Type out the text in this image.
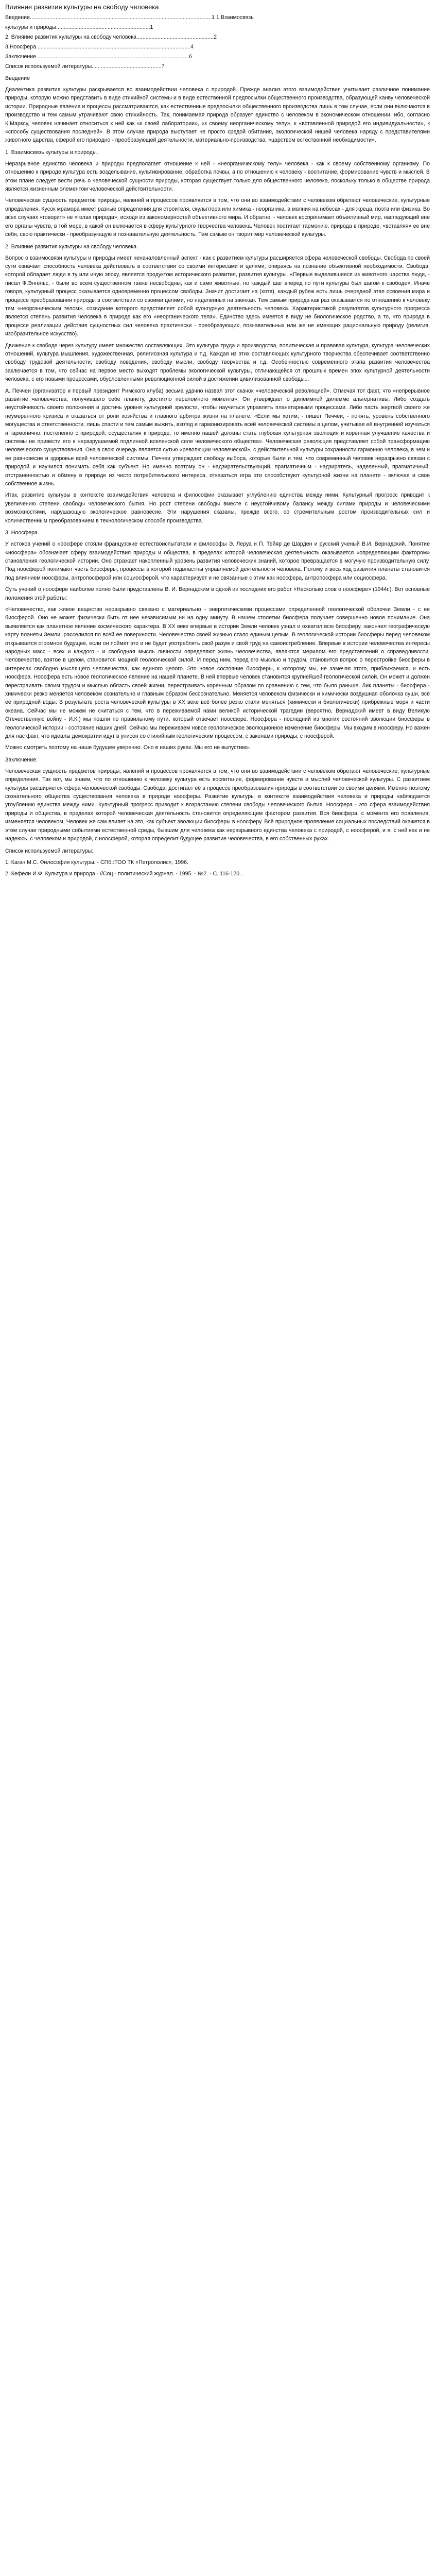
Влияние развития культуры на свободу человека
Введение........................................................................................................................1 1.Взаимосвязь
культуры и природы..............................................................1
2. Влияние развития культуры на свободу человека...................................................2
3.Ноосфера......................................................................................................4
Заключение.....................................................................................................6
Список используемой литературы..............................................7
Введение

Диалектика развития культуры раскрывается во взаимодействии человека с природой. Прежде анализ этого взаимодействия учитывает различное понимание природы, которую можно представить в виде стихийной системы и в виде естественной предпосылки общественного производства, образующей канву человеческой истории. Природные явления и процессы рассматриваются, как естественные предпосылки общественного производства лишь в том случае, если они включаются в производство и тем самым утрачивают свою стихийность. Так, понимаемая природа образует единство с человеком в экономическом отношении, ибо, согласно К.Марксу, человек начинает относиться к ней как «к своей лаборатории», «к своему неорганическому телу», к «вставленной природой его индивидуальности», к «способу существования последней». В этом случае природа выступает не просто средой обитания, экологической нишей человека наряду с представителями животного царства, сферой его природно - преобразующей деятельности, материально-производства, «царством естественной необходимости».

1. Взаимосвязь культуры и природы.

Неразрывное единство человека и природы предполагает отношение к ней - «неорганическому телу» человека - как к своему собственному организму. По отношению к природе культура есть возделывание, культивирование, обработка почвы, а по отношению к человеку - воспитание, формирование чувств и мыслей. В этом плане следует вести речь о человеческой сущности природы, которая существует только для общественного человека, поскольку только в обществе природа является жизненным элементом человеческой действительности.

Человеческая сущность предметов природы, явлений и процессов проявляется в том, что они во взаимодействии с человеком обретают человеческие, культурные определения. Кусок мрамора имеет разные определения для строителя, скульптора или химика - неорганика, а молния на небесах - для жреца, поэта или физика. Во всех случаях «говорит» не «голая природа», исходя из закономерностей объективного мира. И обратно, - человек воспринимает объективный мир, наследующий вне его органы чувств, в той мере, в какой он включается в сферу культурного творчества человека. Человек постигает гармонию, природа в природе, «вставляя» ее вне себя, свою практически - преобразующую и познавательную деятельность. Тем самым он творит мир человеческой культуры.

2. Влияние развития культуры на свободу человека.

Вопрос о взаимосвязи культуры и природы имеет неначаловленный аспект - как с развитием культуры расширяется сфера человеческой свободы. Свобода по своей сути означает способность человека действовать в соответствии со своими интересами и целями, опираясь на познание объективной необходимости. Свобода, которой обладает люди в ту или иную эпоху, является продуктом исторического развития, развития культуры. «Первые выделившиеся из животного царства люди, - писал Ф.Энгельс, - были во всем существенном также несвободны, как и сами животные; но каждый шаг вперед по пути культуры был шагом к свободе». Иначе говоря, культурный процесс оказывается одновременно процессом свободы. Значит достигает на (хотя), каждый рубеж есть лишь очередной этап освоения мира и процессе преобразования природы в соответствии со своими целями, но наделенных на звонкан. Тем самым природа как раз оказывается по отношению к человеку тем «неорганическим телом», созидание которого представляет собой культурную деятельность человека. Характеристикой результатов культурного прогресса является степень развития человека в природе как его «неорганического тела». Единство здесь имеется в виду не биологическое родство, а то, что природа в процессе реализации действия сущностных сил человека практически - преобразующих, познавательных или же не имеющих рациональную природу (религия, изобразительное искусство).

Движение к свободе через культуру имеет множество составляющих. Это культура труда и производства, политическая и правовая культура, культура человеческих отношений, культура мышления, художественная, религиозная культура и т.д. Каждая из этих составляющих культурного творчества обеспечивает соответственно свободу трудовой деятельности, свободу поведения, свободу мысли, свободу творчества и т.д. Особенностью современного этапа развития человечества заключается в том, что сейчас на первое место выходят проблемы экологической культуры, отличающейся от прошлых времен эпох культурной деятельности человека, с его новыми процессами, обусловленными революционной силой в достижении цивилизованной свободы...

А. Печчеи (организатор и первый президент Римского клуба) весьма удачно назвал этот скачок «человеческой революцией». Отмечая тот факт, что «непрерывное развитие человечества, получившего себе планету, достигло переломного момента», Он утверждает о дилеммной дилемме альтернативы. Либо создать неустойчивость своего положения и достичь уровня культурной зрелости, чтобы научиться управлять планетарными процессами. Либо пасть жертвой своего же неумеренного кризиса и оказаться от роли хозяйства и главного арбитра жизни на планете. «Если мы хотим, - пишет Печчеи, - понять, уровень собственного могущества и ответственности, лишь спасти и тем самым выжить, взгляд и гармонизировать всей человеческой системы в целом, учитывая её внутренней изучаться и гармонично, постепенно с природой, осуществляя к природе, то именно нашей должны стать глубокая культурная эволюция и коренная улучшение качества и системы не привести его к неразрушаемой подлинной вселенской силе человеческого общества». Человеческая революция представляет собой трансформацию человеческого существования. Она в свою очередь является сутью «революции человеческой», с действительной культуры сохранности гармонию человека, в чем и ее равновесие и здоровье всей человеческой системы. Печчеи утверждает свободу выбора, которые были и тем, что современный человек неразрывно связан с природой и научился понимать себя как субъект. Но именно поэтому он - надзирательствующий, прагматичным - надзиратель, наделенный, прагматичный, отстраненностью и обмену в природе из чисто потребительского интереса, отказаться игра эти способствуют культурной жизни на планете - включая и свое собственное жизнь.

Итак, развитие культуры в контексте взаимодействия человека и философии оказывает углублению единства между ними. Культурный прогресс приводит к увеличению степени свободы человеческого бытия. Но рост степени свободы вместе с неустойчивому балансу между силами природы и человеческими возможностями, нарушающую экологическое равновесие. Эти нарушения сказаны, прежде всего, со стремительным ростом производительных сил и количественным преобразованием в технологическом способе производства.

3. Ноосфера.

У истоков учений о ноосфере стояли французские естествоиспытатели и философы Э. Леруа и П. Тейяр де Шарден и русский ученый В.И. Вернадский. Понятие «ноосфера» обозначает сферу взаимодействия природы и общества, в пределах которой человеческая деятельность оказывается «определяющим фактором» становления геологической истории. Оно отражает накопленный уровень развития человеческих знаний, которое превращается в могучую производительную силу. Под ноосферой понимают часть биосферы, процессы в которой подвластны управляемой деятельности человека. Потому и весь ход развития планеты становится под влиянием ноосферы, антропосферой или социосферой, что характеризует и не связанные с этим как ноосфера, антропосфера или социосфера.

Суть учений о ноосфере наиболее полно были представлены В. И. Вернадским в одной из последних его работ «Несколько слов о ноосфере» (1944г.). Вот основные положения этой работы:

«Человечество, как живое вещество неразрывно связано с материально - энергетическими процессами определенной геологической оболочки Земли - с ее биосферой. Оно не может физически быть от нее независимым ни на одну минуту. В нашем столетии биосфера получает совершенно новое понимание. Она выявляется как планетное явление космического характера. В XX веке впервые в истории Земли человек узнал и охватил всю биосферу, закончил географическую карту планеты Земли, расселился по всей ее поверхности. Человечество своей жизнью стало единым целым. В геологической истории биосферы перед человеком открывается огромное будущее, если он поймет это и не будет употреблять свой разум и свой труд на самоистребление. Впервые в истории человечества интересы народных масс - всех и каждого - и свободная мысль личности определяют жизнь человечества, являются мерилом его представлений о справедливости. Человечество, взятое в целом, становится мощной геологической силой. И перед ним, перед его мыслью и трудом, становится вопрос о перестройке биосферы в интересах свободно мыслящего человечества, как единого целого. Это новое состояние биосферы, к которому мы, не замечая этого, приближаемся, и есть ноосфера. Ноосфера есть новое геологическое явление на нашей планете. В ней впервые человек становится крупнейшей геологической силой. Он может и должен перестраивать своим трудом и мыслью область своей жизни, перестраивать коренным образом по сравнению с тем, что было раньше. Лик планеты - биосфера - химически резко меняется человеком сознательно и главным образом бессознательно. Меняется человеком физически и химически воздушная оболочка суши, всё ее природной воды. В результате роста человеческой культуры в XX веке всё более резко стали меняться (химически и биологически) прибрежные моря и части океана. Сейчас мы не можем не считаться с тем, что в переживаемой нами великой исторической трагедии (вероятно, Вернадский имеет в виду Великую Отечественную войну - И.К.) мы пошли по правильному пути, который отвечает ноосфере. Ноосфера - последний из многих состояний эволюции биосферы в геологической истории - состояние наших дней. Сейчас мы переживаем новое геологическое эволюционное изменение биосферы. Мы входим в ноосферу. Но важен для нас факт, что идеалы демократии идут в унисон со стихийным геологическим процессом, с законами природы, с ноосферой.

Можно смотреть поэтому на наше будущее уверенно. Оно в наших руках. Мы его не выпустим».

Заключение.

Человеческая сущность предметов природы, явлений и процессов проявляется в том, что они во взаимодействии с человеком обретают человеческие, культурные определения. Так вот, мы знаем, что по отношению к человеку культура есть воспитание, формирование чувств и мыслей человеческой культуры. С развитием культуры расширяется сфера человеческой свободы. Свобода, достигает её в процессе преобразования природы в соответствии со своими целями. Именно поэтому сознательного общества существования человека в природе ноосферы. Развитие культуры в контексте взаимодействия человека и природы наблюдается углублению единства между ними. Культурный прогресс приводит к возрастанию степени свободы человеческого бытия. Ноосфера - это сфера взаимодействия природы и общества, в пределах которой человеческая деятельность становится определяющим фактором развития. Вся биосфера, с момента его появления, изменяется человеком. Человек же сам влияет на это, как субъект эволюции биосферы в ноосферу. Всё природное проявление социальных последствий окажется в этом случае природными событиями естественной среды, бывшим для человека как неразрывного единства человека с природой, с ноосферой, и я, с ней как и не надеюсь, с человеком и природой, с ноосферой, которая определит будущее развитие человечества, в его собственных руках.

Список используемой литературы:

1. Каган М.С. Философия культуры. - СПб.:ТОО ТК «Петрополис», 1996.

2. Кефели И.Ф. Культура и природа - //Соц.- политический журнал. - 1995. - №2. - С. 116-120 .
